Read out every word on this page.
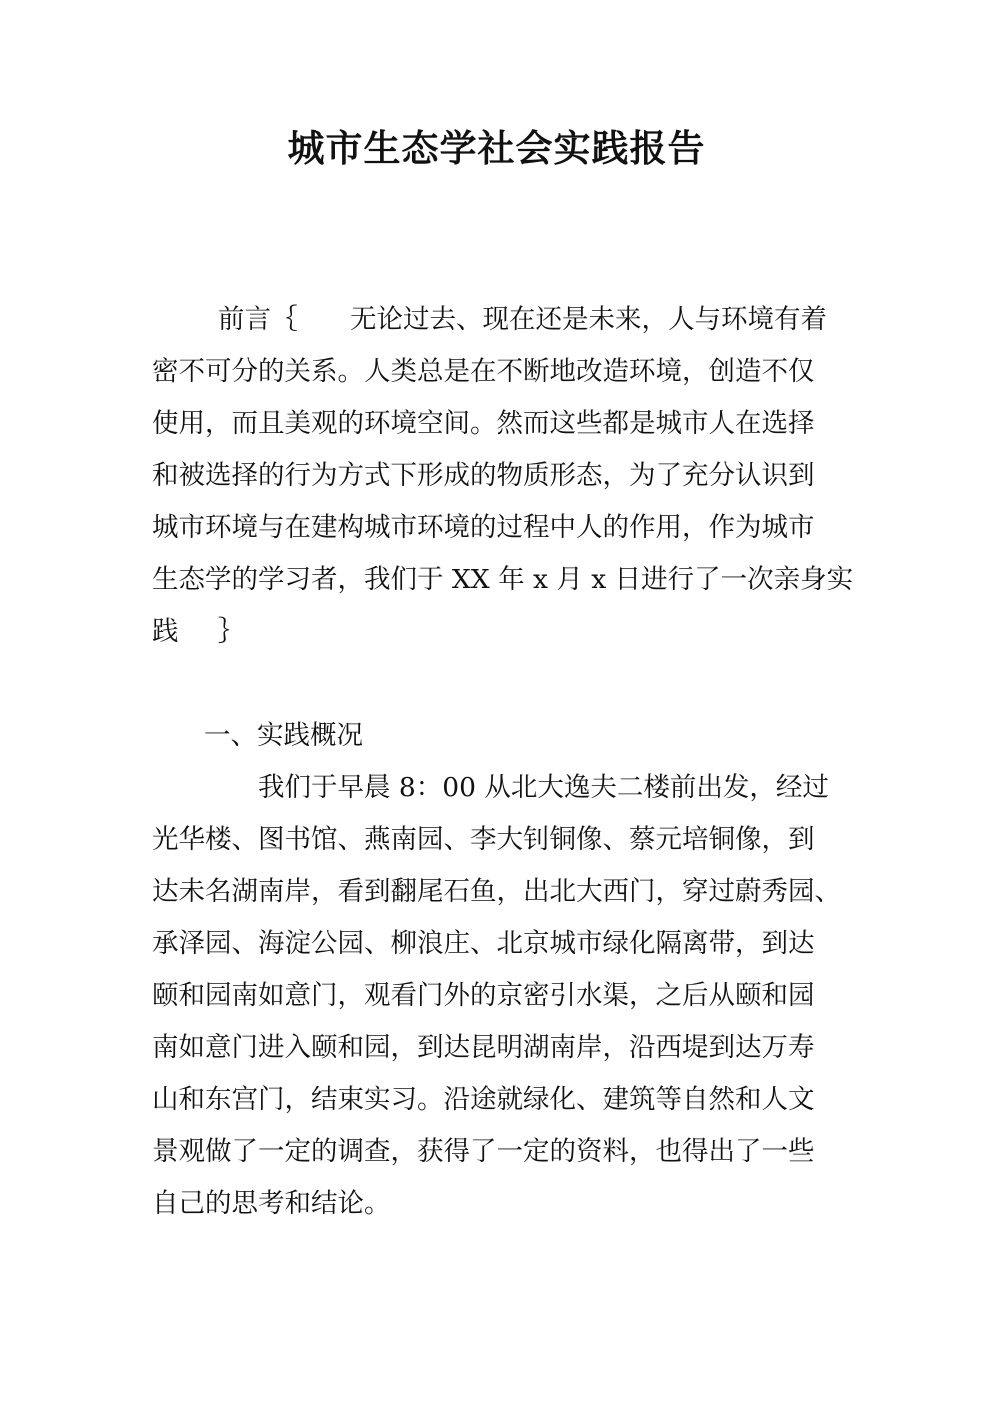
城市生态学社会实践报告
前言｛ 无论过去、现在还是未来，人与环境有着
密不可分的关系。人类总是在不断地改造环境，创造不仅
使用，而且美观的环境空间。然而这些都是城市人在选择
和被选择的行为方式下形成的物质形态，为了充分认识到
城市环境与在建构城市环境的过程中人的作用，作为城市
生态学的学习者，我们于 XX 年 x 月 x 日进行了一次亲身实
践 ｝
一、实践概况
我们于早晨 8：00 从北大逸夫二楼前出发，经过
光华楼、图书馆、燕南园、李大钊铜像、蔡元培铜像，到
达未名湖南岸，看到翻尾石鱼，出北大西门，穿过蔚秀园、
承泽园、海淀公园、柳浪庄、北京城市绿化隔离带，到达
颐和园南如意门，观看门外的京密引水渠，之后从颐和园
南如意门进入颐和园，到达昆明湖南岸，沿西堤到达万寿
山和东宫门，结束实习。沿途就绿化、建筑等自然和人文
景观做了一定的调查，获得了一定的资料，也得出了一些
自己的思考和结论。
